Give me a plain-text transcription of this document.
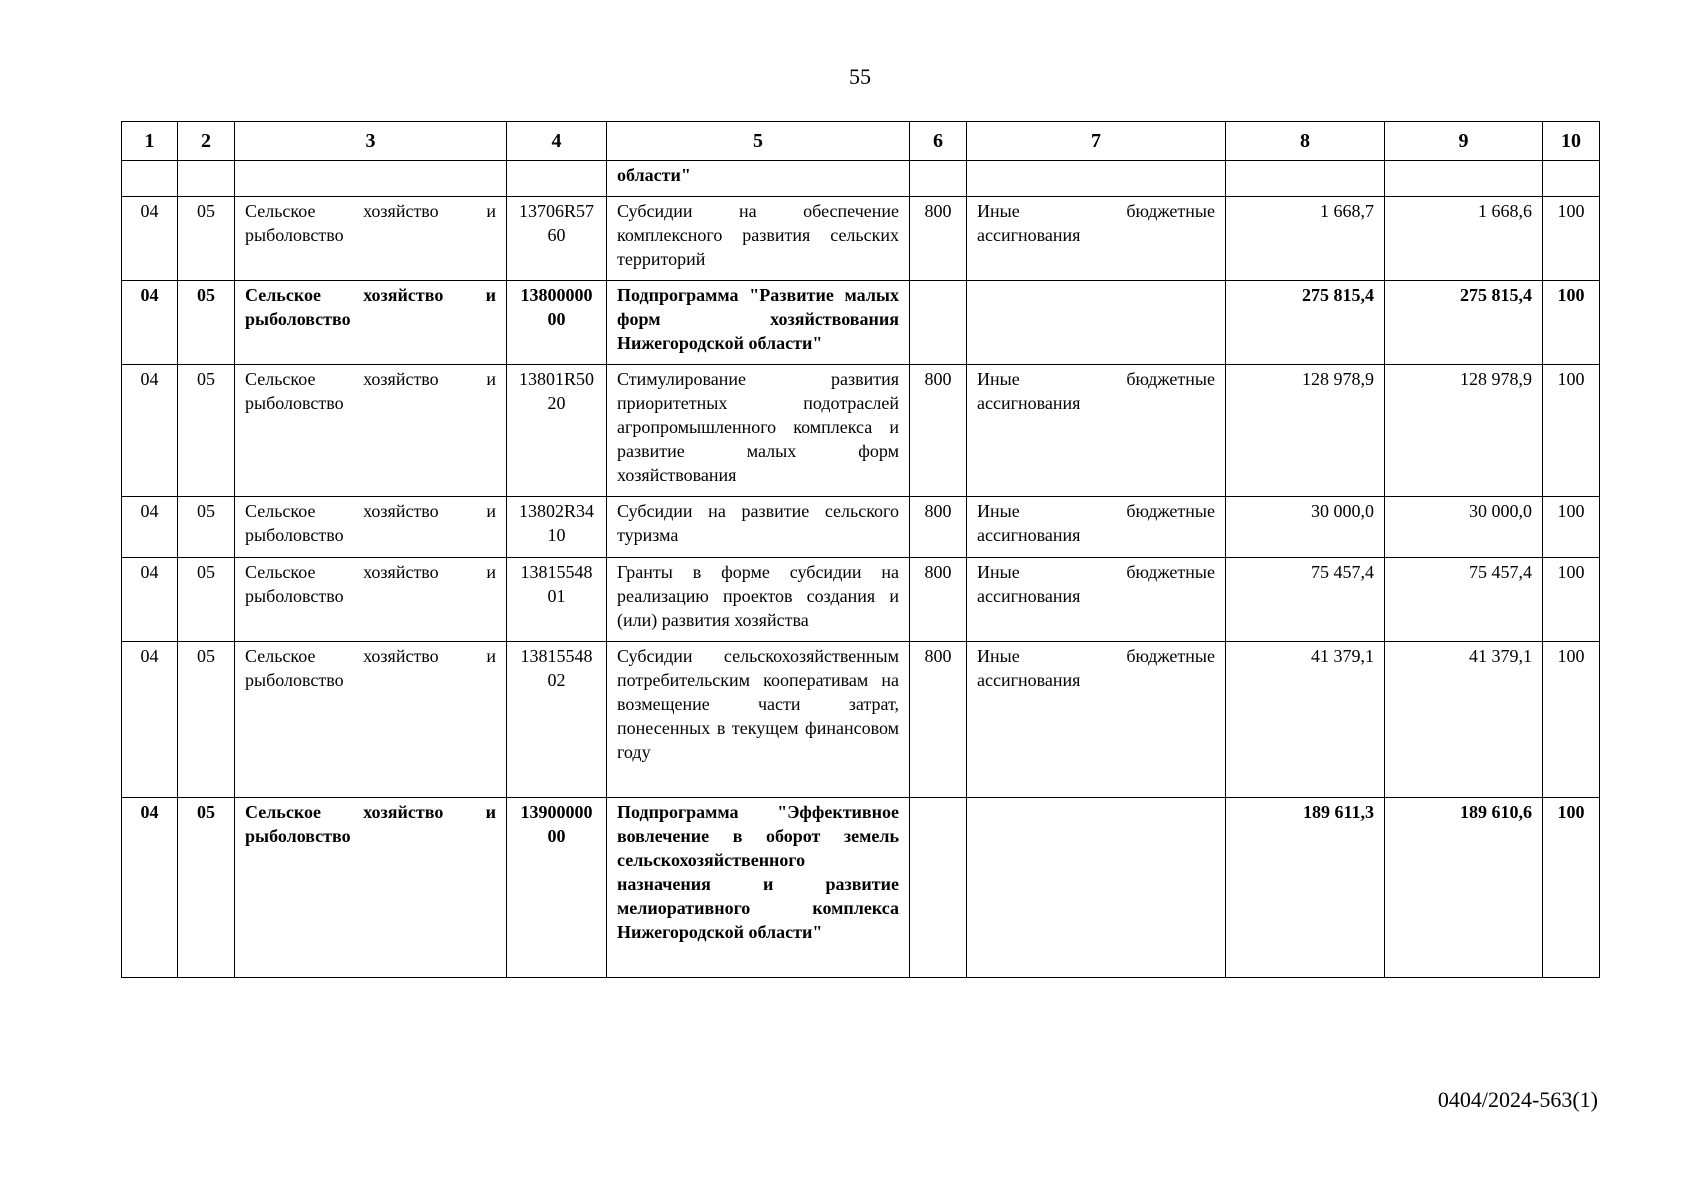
55
1	2	3	4	5	6	7	8	9	10
				области"					
04	05	Сельское хозяйство и рыболовство	13706R5760	Субсидии на обеспечение комплексного развития сельских территорий	800	Иные бюджетные ассигнования	1 668,7	1 668,6	100
04	05	Сельское хозяйство и рыболовство	1380000000	Подпрограмма "Развитие малых форм хозяйствования Нижегородской области"			275 815,4	275 815,4	100
04	05	Сельское хозяйство и рыболовство	13801R5020	Стимулирование развития приоритетных подотраслей агропромышленного комплекса и развитие малых форм хозяйствования	800	Иные бюджетные ассигнования	128 978,9	128 978,9	100
04	05	Сельское хозяйство и рыболовство	13802R3410	Субсидии на развитие сельского туризма	800	Иные бюджетные ассигнования	30 000,0	30 000,0	100
04	05	Сельское хозяйство и рыболовство	1381554801	Гранты в форме субсидии на реализацию проектов создания и (или) развития хозяйства	800	Иные бюджетные ассигнования	75 457,4	75 457,4	100
04	05	Сельское хозяйство и рыболовство	1381554802	Субсидии сельскохозяйственным потребительским кооперативам на возмещение части затрат, понесенных в текущем финансовом году	800	Иные бюджетные ассигнования	41 379,1	41 379,1	100
04	05	Сельское хозяйство и рыболовство	1390000000	Подпрограмма "Эффективное вовлечение в оборот земель сельскохозяйственного назначения и развитие мелиоративного комплекса Нижегородской области"			189 611,3	189 610,6	100
0404/2024-563(1)
